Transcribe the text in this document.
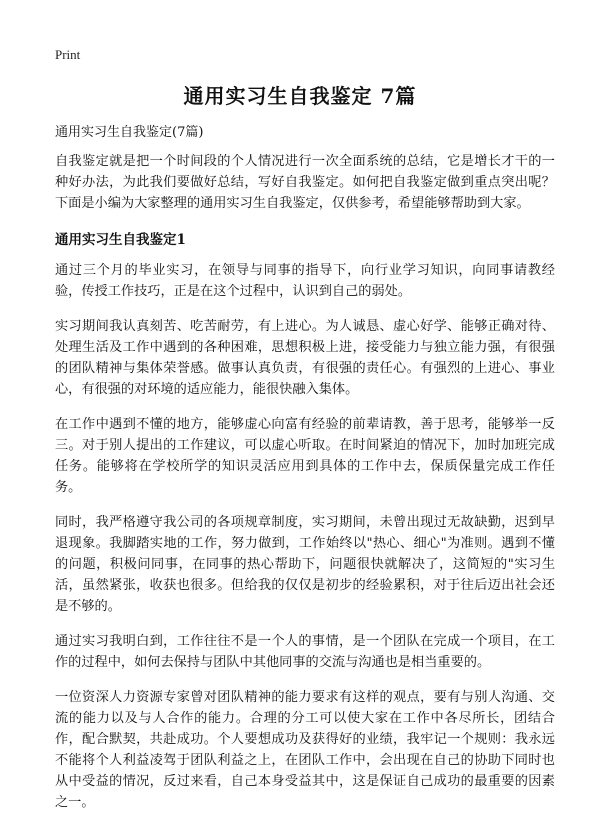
Print
通用实习生自我鉴定 7篇
通用实习生自我鉴定(7篇)

自我鉴定就是把一个时间段的个人情况进行一次全面系统的总结，它是增长才干的一种好办法，为此我们要做好总结，写好自我鉴定。如何把自我鉴定做到重点突出呢？下面是小编为大家整理的通用实习生自我鉴定，仅供参考，希望能够帮助到大家。

通用实习生自我鉴定1

通过三个月的毕业实习，在领导与同事的指导下，向行业学习知识，向同事请教经验，传授工作技巧，正是在这个过程中，认识到自己的弱处。

实习期间我认真刻苦、吃苦耐劳，有上进心。为人诚恳、虚心好学、能够正确对待、处理生活及工作中遇到的各种困难，思想积极上进，接受能力与独立能力强，有很强的团队精神与集体荣誉感。做事认真负责，有很强的责任心。有强烈的上进心、事业心，有很强的对环境的适应能力，能很快融入集体。

在工作中遇到不懂的地方，能够虚心向富有经验的前辈请教，善于思考，能够举一反三。对于别人提出的工作建议，可以虚心听取。在时间紧迫的情况下，加时加班完成任务。能够将在学校所学的知识灵活应用到具体的工作中去，保质保量完成工作任务。

同时，我严格遵守我公司的各项规章制度，实习期间，未曾出现过无故缺勤，迟到早退现象。我脚踏实地的工作，努力做到，工作始终以"热心、细心"为准则。遇到不懂的问题，积极问同事，在同事的热心帮助下，问题很快就解决了，这简短的"实习生活，虽然紧张，收获也很多。但给我的仅仅是初步的经验累积，对于往后迈出社会还是不够的。

通过实习我明白到，工作往往不是一个人的事情，是一个团队在完成一个项目，在工作的过程中，如何去保持与团队中其他同事的交流与沟通也是相当重要的。

一位资深人力资源专家曾对团队精神的能力要求有这样的观点，要有与别人沟通、交流的能力以及与人合作的能力。合理的分工可以使大家在工作中各尽所长，团结合作，配合默契，共赴成功。个人要想成功及获得好的业绩，我牢记一个规则：我永远不能将个人利益凌驾于团队利益之上，在团队工作中，会出现在自己的协助下同时也从中受益的情况，反过来看，自己本身受益其中，这是保证自己成功的最重要的因素之一。
